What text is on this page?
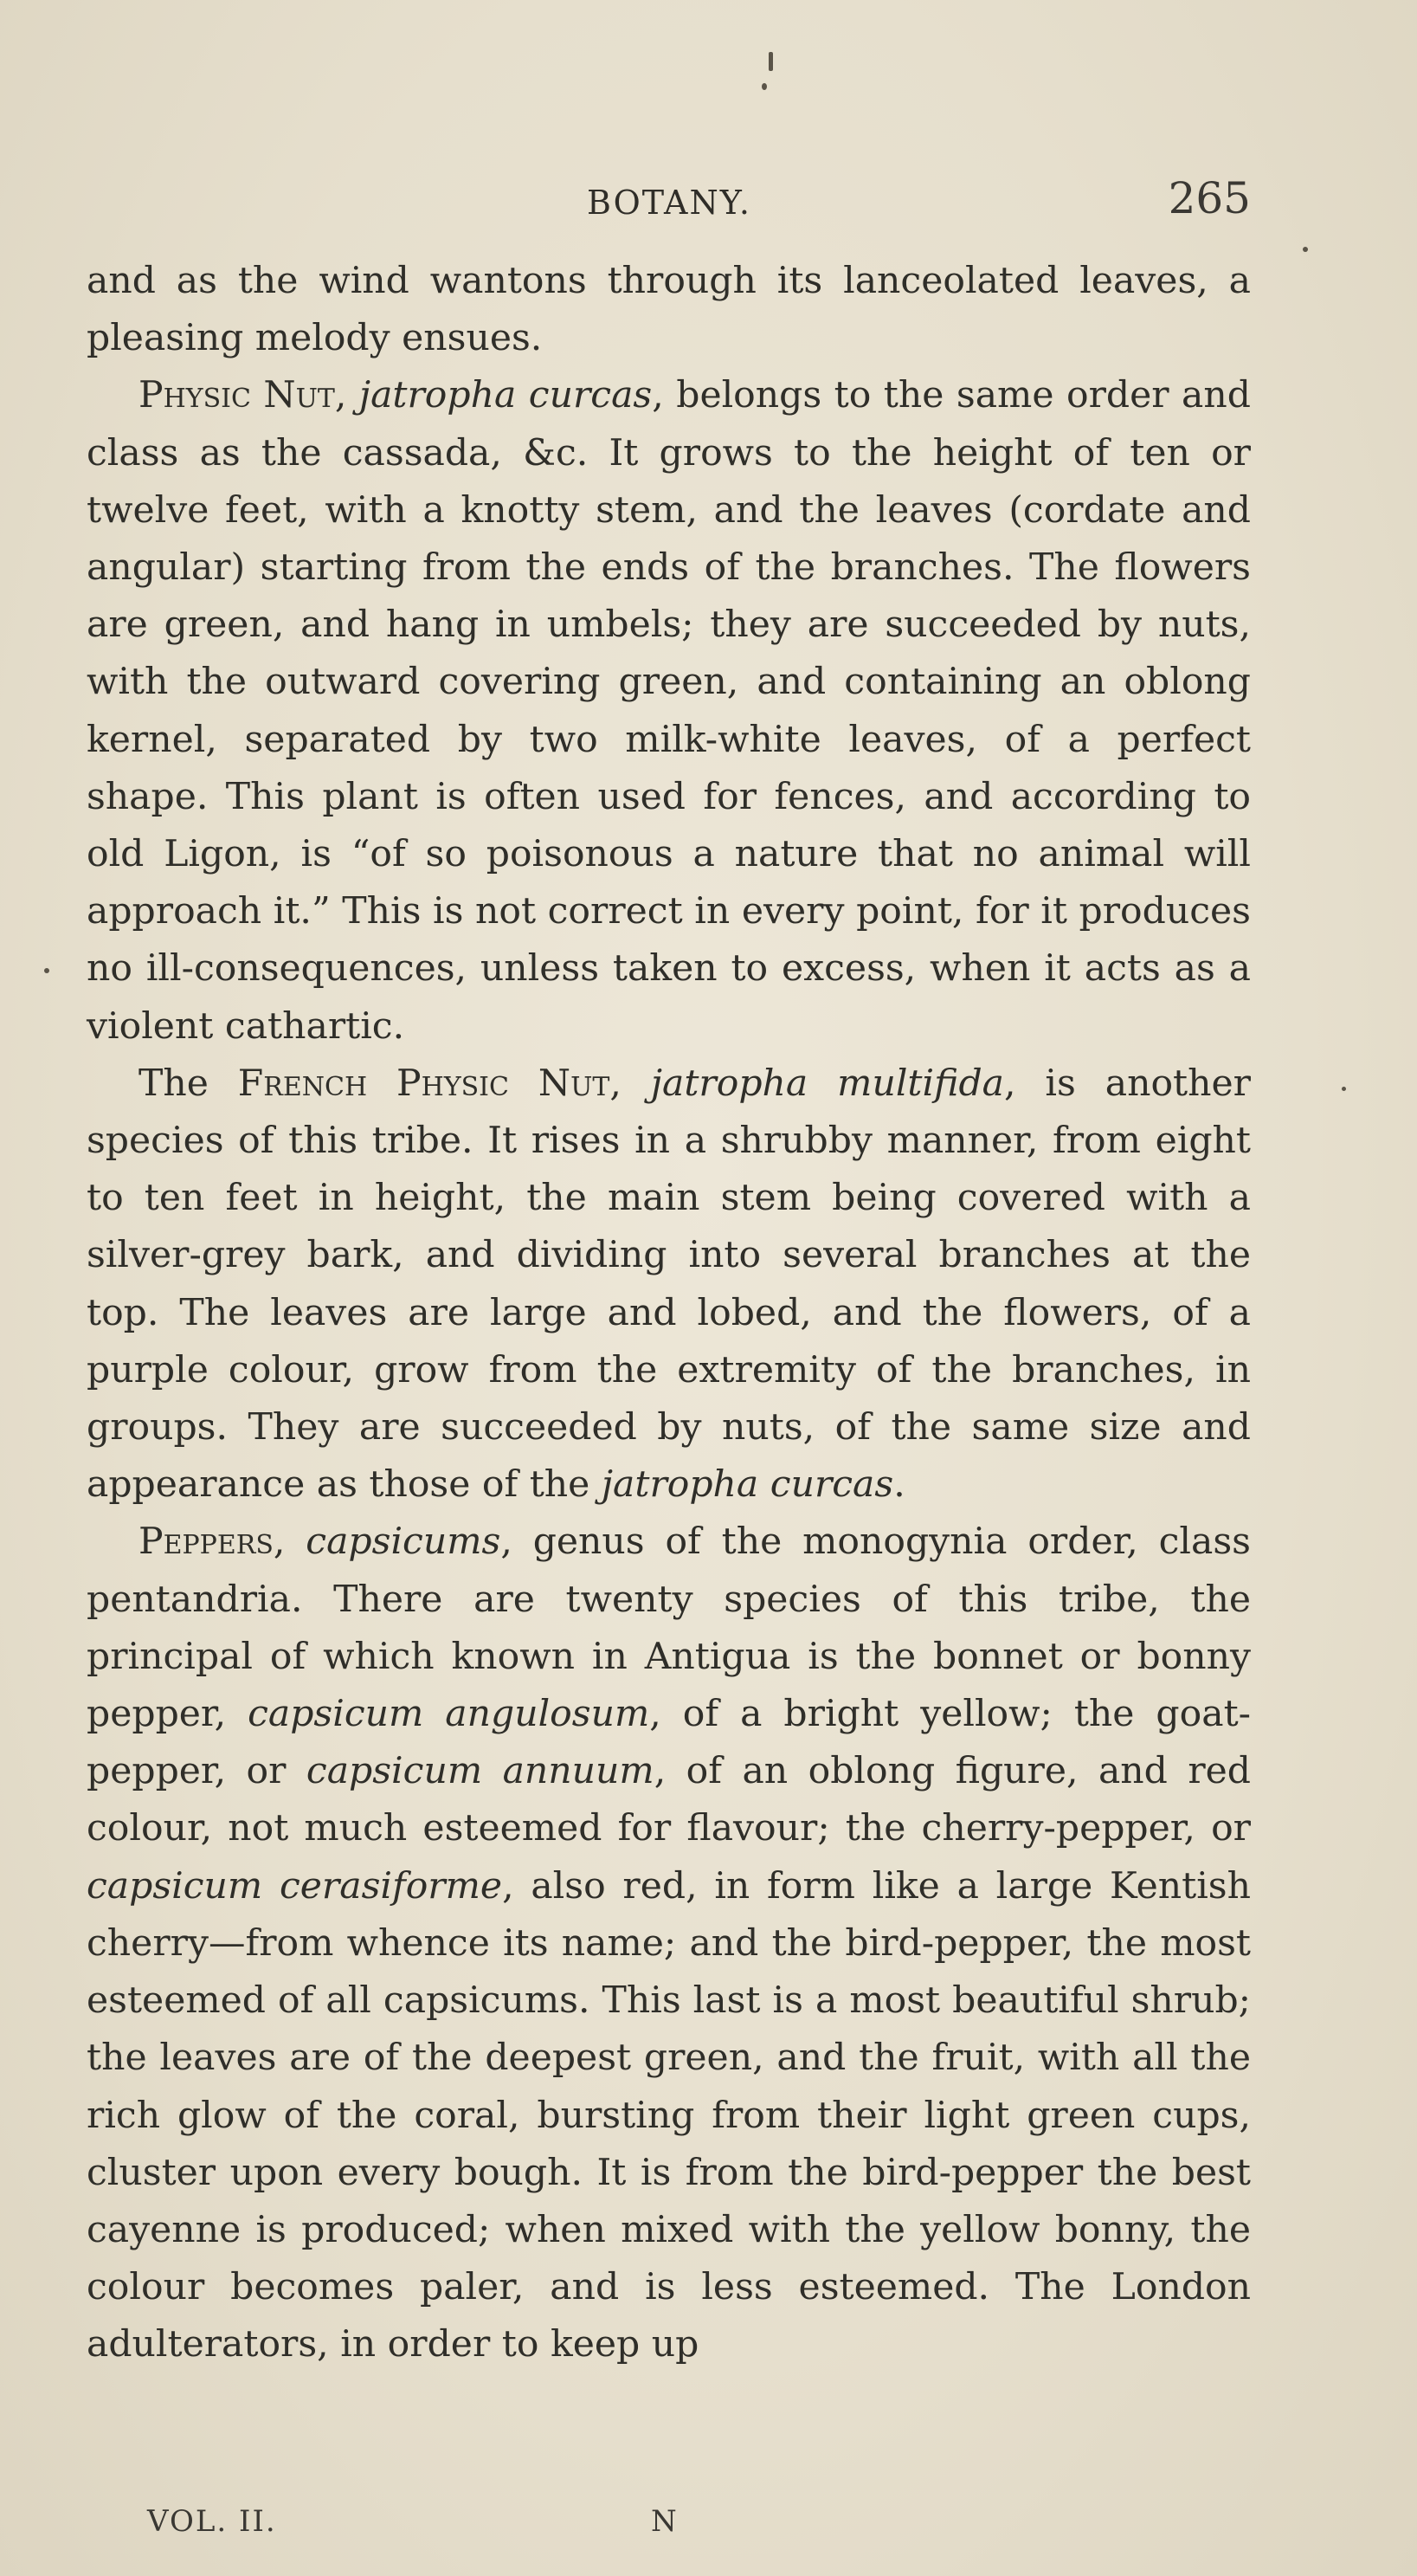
BOTANY.	265

and as the wind wantons through its lanceolated leaves, a pleasing melody ensues.

Physic Nut, jatropha curcas, belongs to the same order and class as the cassada, &c. It grows to the height of ten or twelve feet, with a knotty stem, and the leaves (cordate and angular) starting from the ends of the branches. The flowers are green, and hang in umbels; they are succeeded by nuts, with the outward covering green, and containing an oblong kernel, separated by two milk-white leaves, of a perfect shape. This plant is often used for fences, and according to old Ligon, is “of so poisonous a nature that no animal will approach it.” This is not correct in every point, for it produces no ill-consequences, unless taken to excess, when it acts as a violent cathartic.

The French Physic Nut, jatropha multifida, is another species of this tribe. It rises in a shrubby manner, from eight to ten feet in height, the main stem being covered with a silver-grey bark, and dividing into several branches at the top. The leaves are large and lobed, and the flowers, of a purple colour, grow from the extremity of the branches, in groups. They are succeeded by nuts, of the same size and appearance as those of the jatropha curcas.

Peppers, capsicums, genus of the monogynia order, class pentandria. There are twenty species of this tribe, the principal of which known in Antigua is the bonnet or bonny pepper, capsicum angulosum, of a bright yellow; the goat-pepper, or capsicum annuum, of an oblong figure, and red colour, not much esteemed for flavour; the cherry-pepper, or capsicum cerasiforme, also red, in form like a large Kentish cherry—from whence its name; and the bird-pepper, the most esteemed of all capsicums. This last is a most beautiful shrub; the leaves are of the deepest green, and the fruit, with all the rich glow of the coral, bursting from their light green cups, cluster upon every bough. It is from the bird-pepper the best cayenne is produced; when mixed with the yellow bonny, the colour becomes paler, and is less esteemed. The London adulterators, in order to keep up

VOL. II.	N
